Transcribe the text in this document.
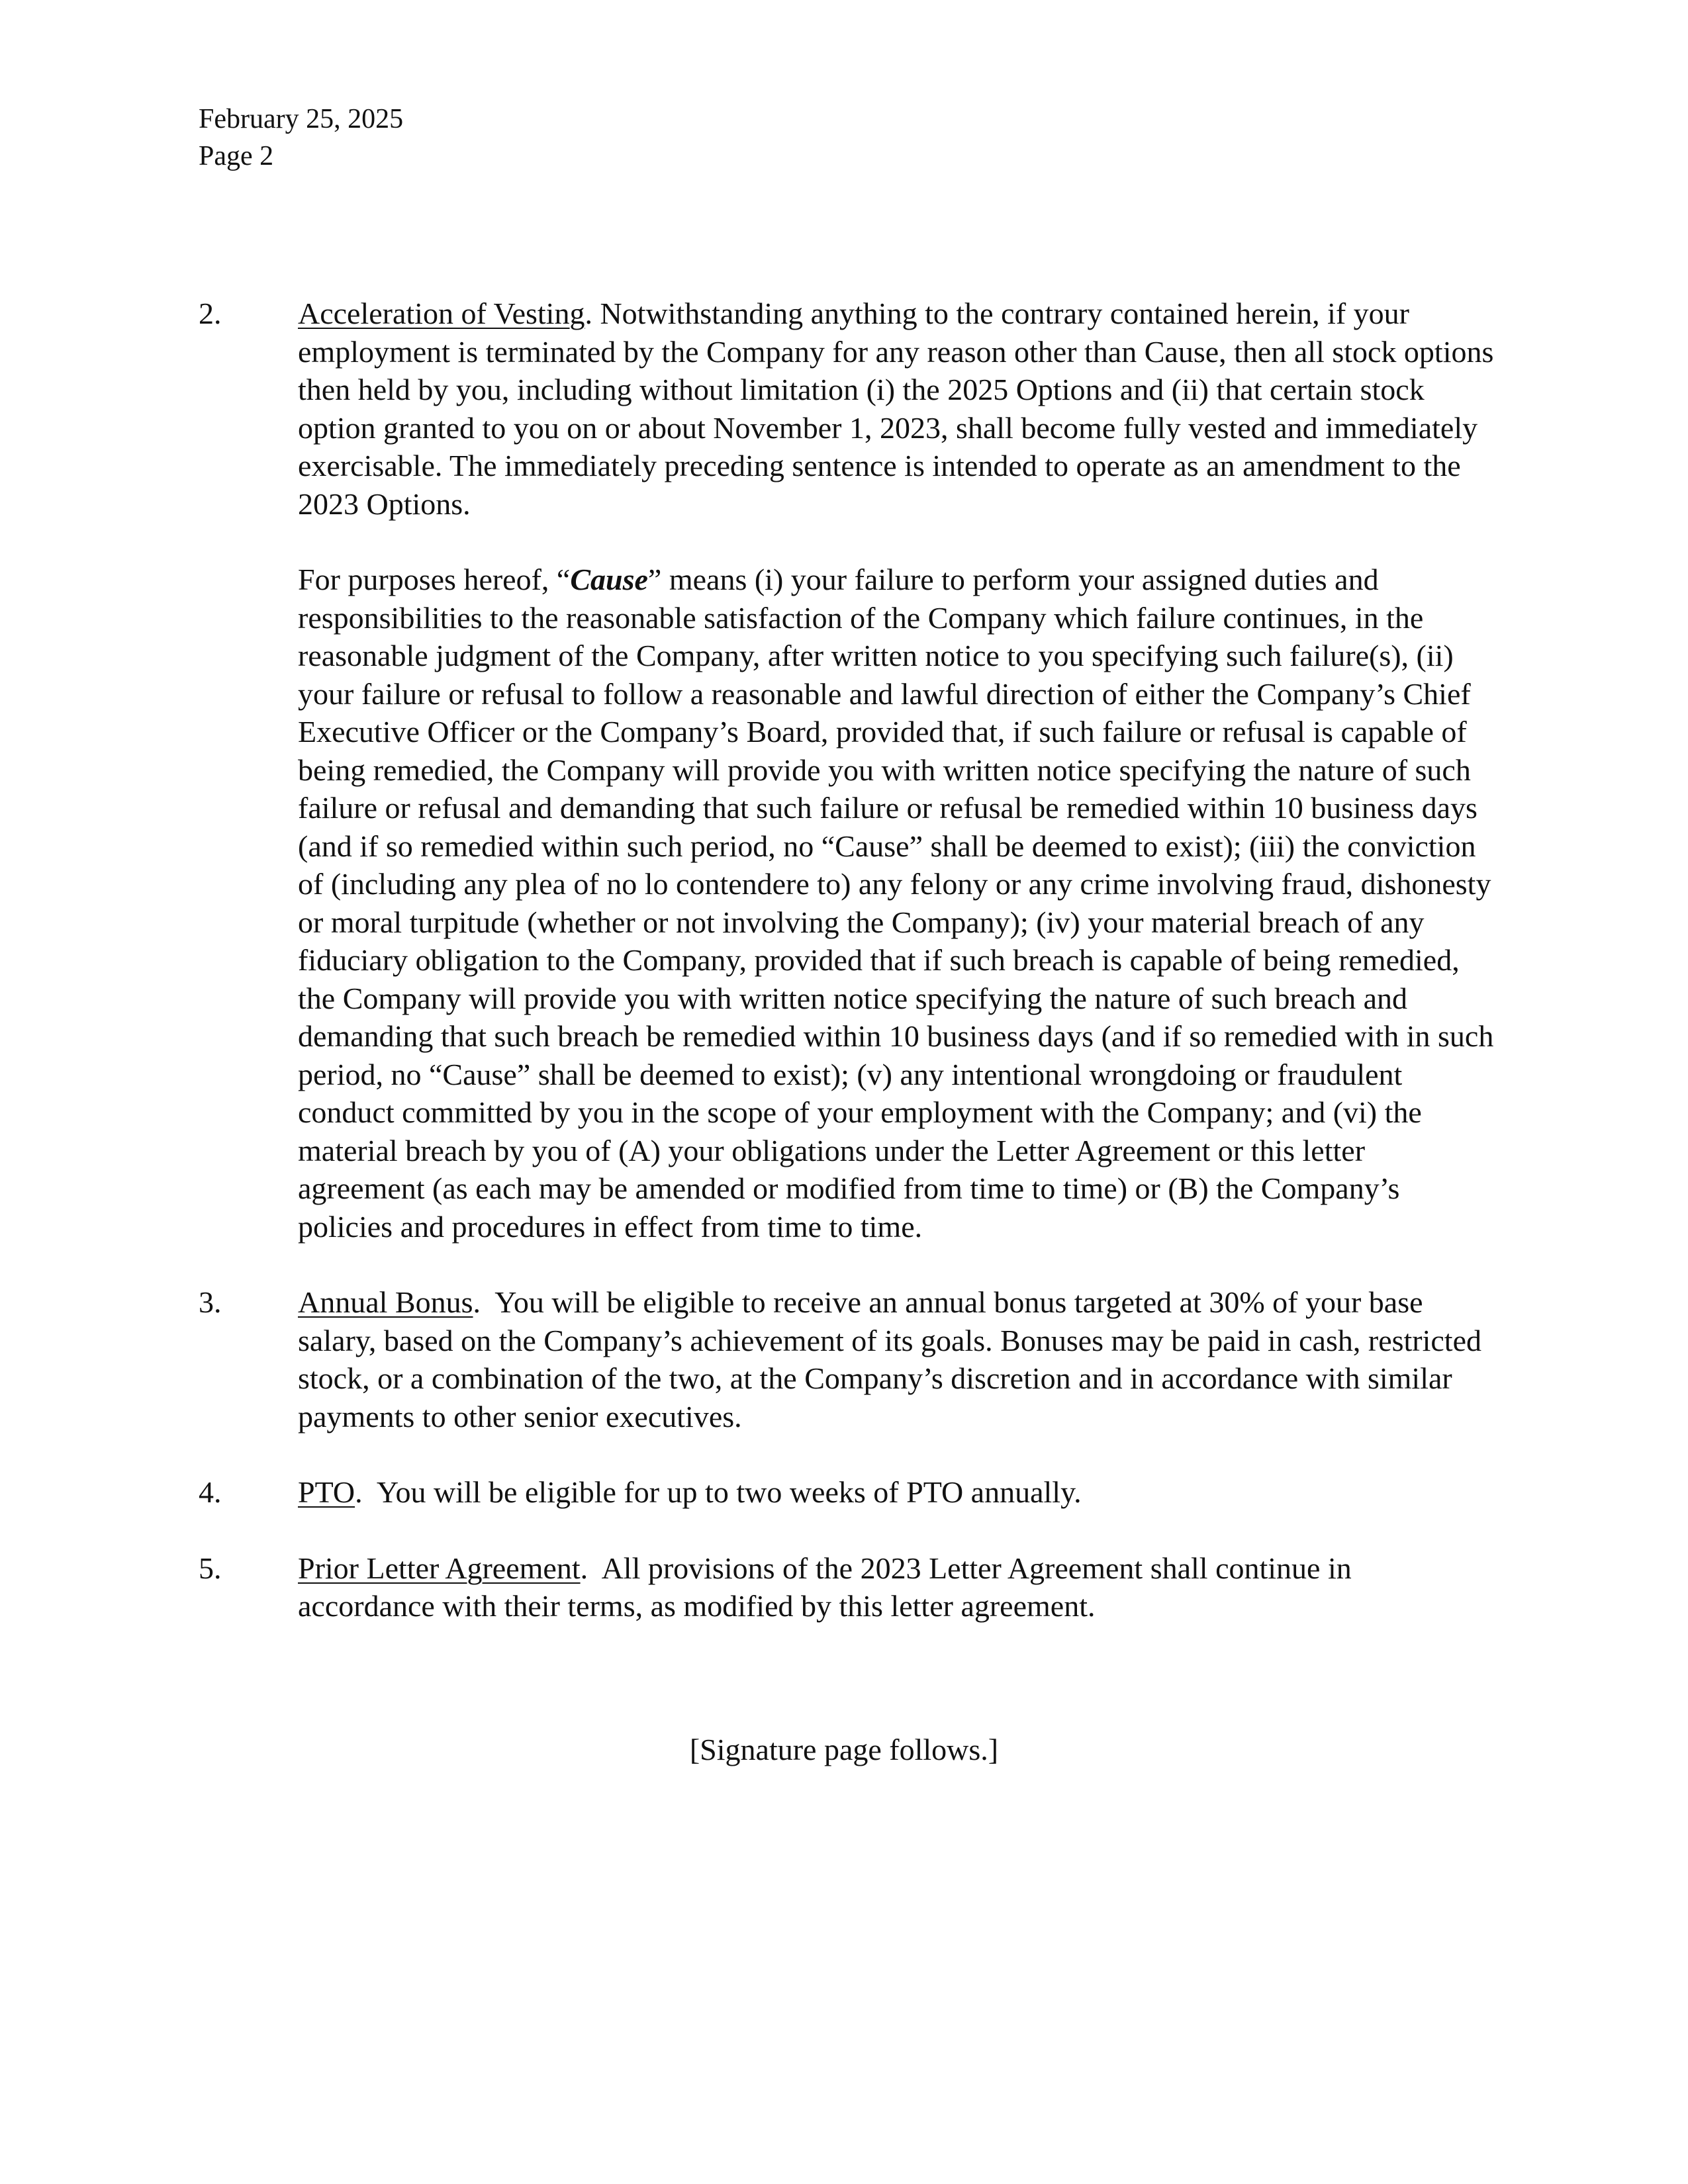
February 25, 2025
Page 2
2.	Acceleration of Vesting. Notwithstanding anything to the contrary contained herein, if your employment is terminated by the Company for any reason other than Cause, then all stock options then held by you, including without limitation (i) the 2025 Options and (ii) that certain stock option granted to you on or about November 1, 2023, shall become fully vested and immediately exercisable. The immediately preceding sentence is intended to operate as an amendment to the 2023 Options.

For purposes hereof, “Cause” means (i) your failure to perform your assigned duties and responsibilities to the reasonable satisfaction of the Company which failure continues, in the reasonable judgment of the Company, after written notice to you specifying such failure(s), (ii) your failure or refusal to follow a reasonable and lawful direction of either the Company’s Chief Executive Officer or the Company’s Board, provided that, if such failure or refusal is capable of being remedied, the Company will provide you with written notice specifying the nature of such failure or refusal and demanding that such failure or refusal be remedied within 10 business days (and if so remedied within such period, no “Cause” shall be deemed to exist); (iii) the conviction of (including any plea of no lo contendere to) any felony or any crime involving fraud, dishonesty or moral turpitude (whether or not involving the Company); (iv) your material breach of any fiduciary obligation to the Company, provided that if such breach is capable of being remedied, the Company will provide you with written notice specifying the nature of such breach and demanding that such breach be remedied within 10 business days (and if so remedied with in such period, no “Cause” shall be deemed to exist); (v) any intentional wrongdoing or fraudulent conduct committed by you in the scope of your employment with the Company; and (vi) the material breach by you of (A) your obligations under the Letter Agreement or this letter agreement (as each may be amended or modified from time to time) or (B) the Company’s policies and procedures in effect from time to time.

3.	Annual Bonus.  You will be eligible to receive an annual bonus targeted at 30% of your base salary, based on the Company’s achievement of its goals. Bonuses may be paid in cash, restricted stock, or a combination of the two, at the Company’s discretion and in accordance with similar payments to other senior executives.

4.	PTO.  You will be eligible for up to two weeks of PTO annually.

5.	Prior Letter Agreement.  All provisions of the 2023 Letter Agreement shall continue in accordance with their terms, as modified by this letter agreement.

[Signature page follows.]
